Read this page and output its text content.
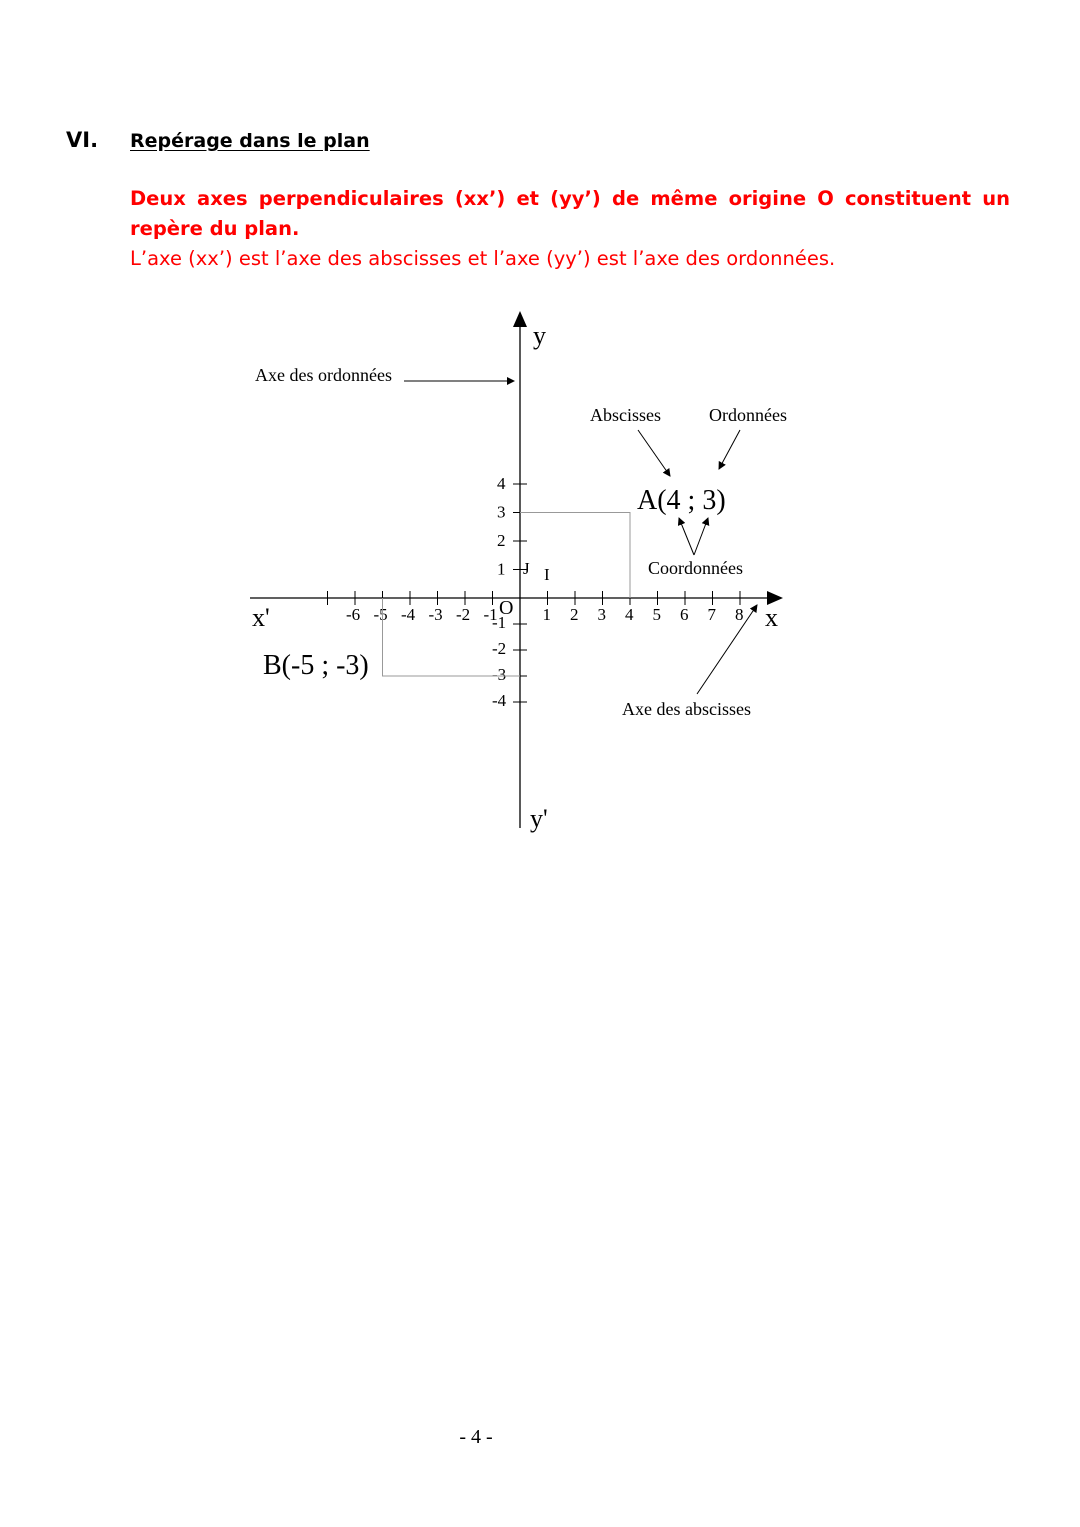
VI. Repérage dans le plan
Deux axes perpendiculaires (xx’) et (yy’) de même origine O constituent un repère du plan.
L’axe (xx’) est l’axe des abscisses et l’axe (yy’) est l’axe des ordonnées.
-6 -5 -4 -3 -2 -1	1 2 3 4 5 6 7 8
1
2
3
4
-1
-2
-3
-4
y
y'
x
x'	O
I
J
A(4 ; 3)
B(-5 ; -3)
Axe des ordonnées
Abscisses	Ordonnées
Coordonnées
Axe des abscisses
- 4 -
